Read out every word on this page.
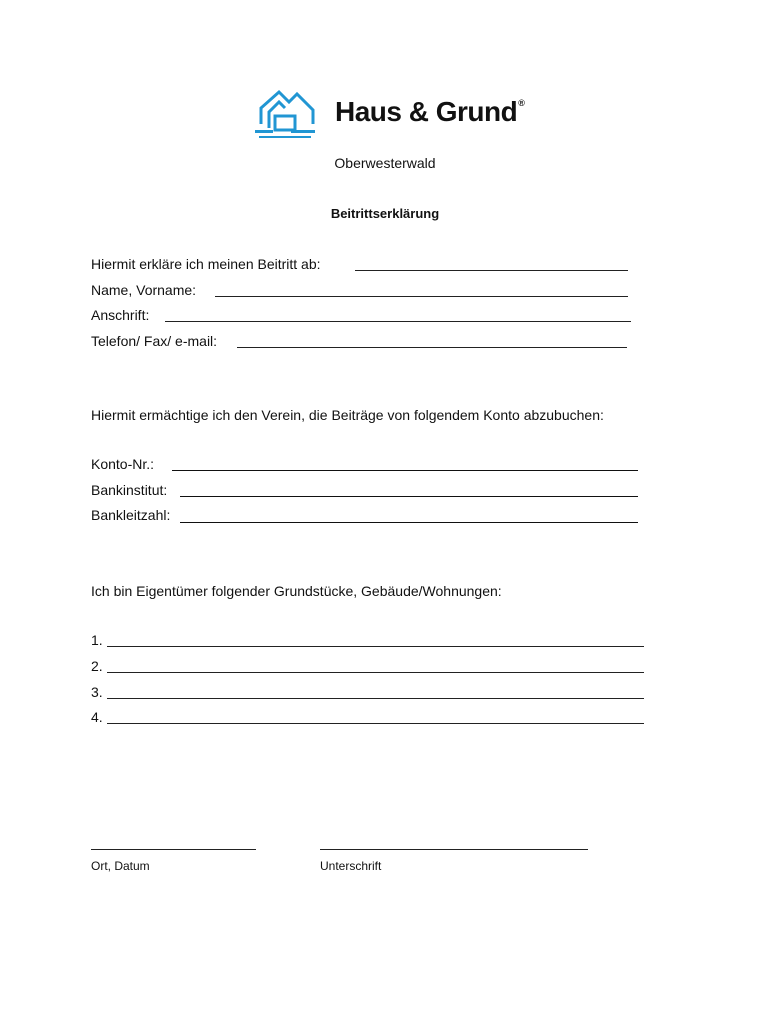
Haus & Grund®
Oberwesterwald
Beitrittserklärung
Hiermit erkläre ich meinen Beitritt ab:
Name, Vorname:
Anschrift:
Telefon/ Fax/ e-mail:
Hiermit ermächtige ich den Verein, die Beiträge von folgendem Konto abzubuchen:
Konto-Nr.:
Bankinstitut:
Bankleitzahl:
Ich bin Eigentümer folgender Grundstücke, Gebäude/Wohnungen:
1.
2.
3.
4.
Ort, Datum	Unterschrift
